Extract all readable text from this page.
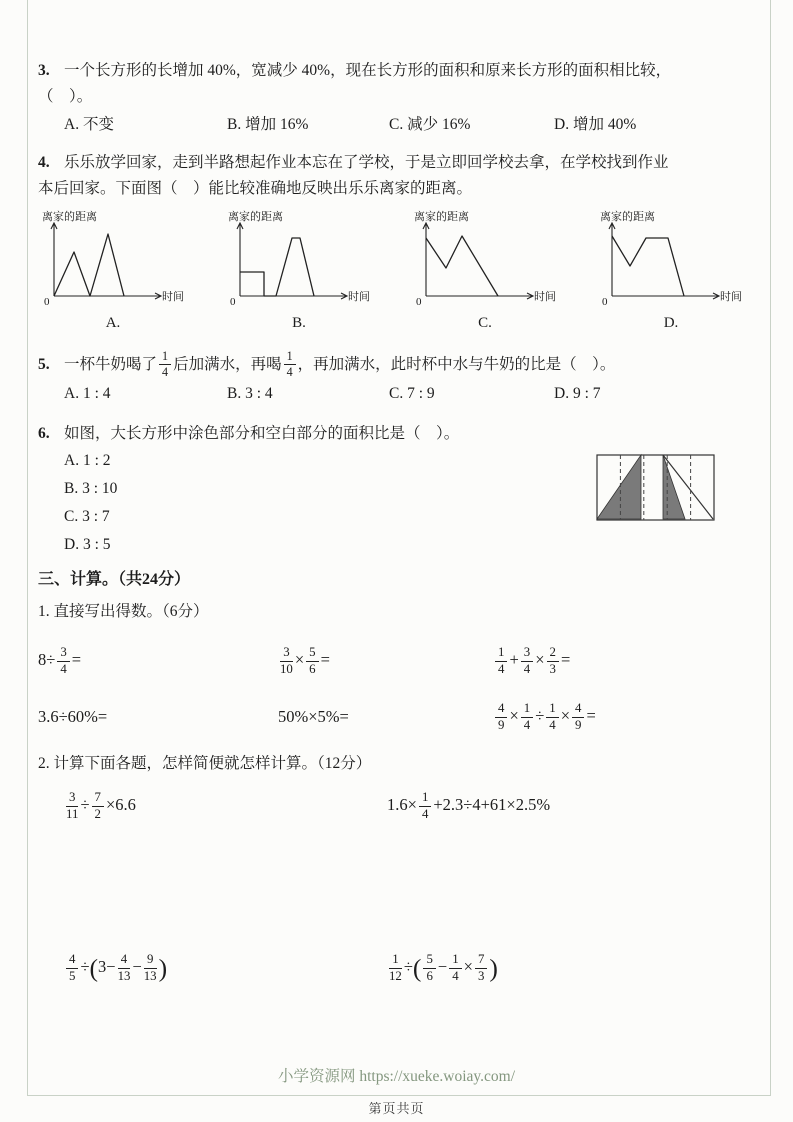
3. 一个长方形的长增加 40%，宽减少 40%，现在长方形的面积和原来长方形的面积相比较，

（　）。

A. 不变	B. 增加 16%	C. 减少 16%	D. 增加 40%

4. 乐乐放学回家，走到半路想起作业本忘在了学校，于是立即回学校去拿，在学校找到作业

本后回家。下面图（　）能比较准确地反映出乐乐离家的距离。

离家的距离
时间
0
A.
离家的距离
时间
0
B.
离家的距离
时间
0
C.
离家的距离
时间
0
D.

5. 一杯牛奶喝了 $\frac{1}{4}$ 后加满水，再喝 $\frac{1}{4}$ ，再加满水，此时杯中水与牛奶的比是（　）。

A. 1 : 4	B. 3 : 4	C. 7 : 9	D. 9 : 7

6. 如图，大长方形中涂色部分和空白部分的面积比是（　）。

A. 1 : 2
B. 3 : 10
C. 3 : 7
D. 3 : 5

三、计算。（共24分）

1. 直接写出得数。（6分）

$8\div \frac{3}{4}$ =	$\frac{3}{10} \times \frac{5}{6}$ =	$\frac{1}{4} + \frac{3}{4} \times \frac{2}{3}$ =
3.6÷60%=	50%×5%=	$\frac{4}{9} \times \frac{1}{4} \div \frac{1}{4} \times \frac{4}{9}$ =

2. 计算下面各题，怎样简便就怎样计算。（12分）

$\frac{3}{11} \div \frac{7}{2} \times 6.6$	$1.6\times \frac{1}{4} +2.3\div 4+61\times 2.5\%$
$\frac{4}{5} \div(3- \frac{4}{13} - \frac{9}{13}$ )	$\frac{1}{12}$ ÷( $\frac{5}{6} - \frac{1}{4} \times \frac{7}{3}$ )
小学资源网 https://xueke.woiay.com/
第页共页
